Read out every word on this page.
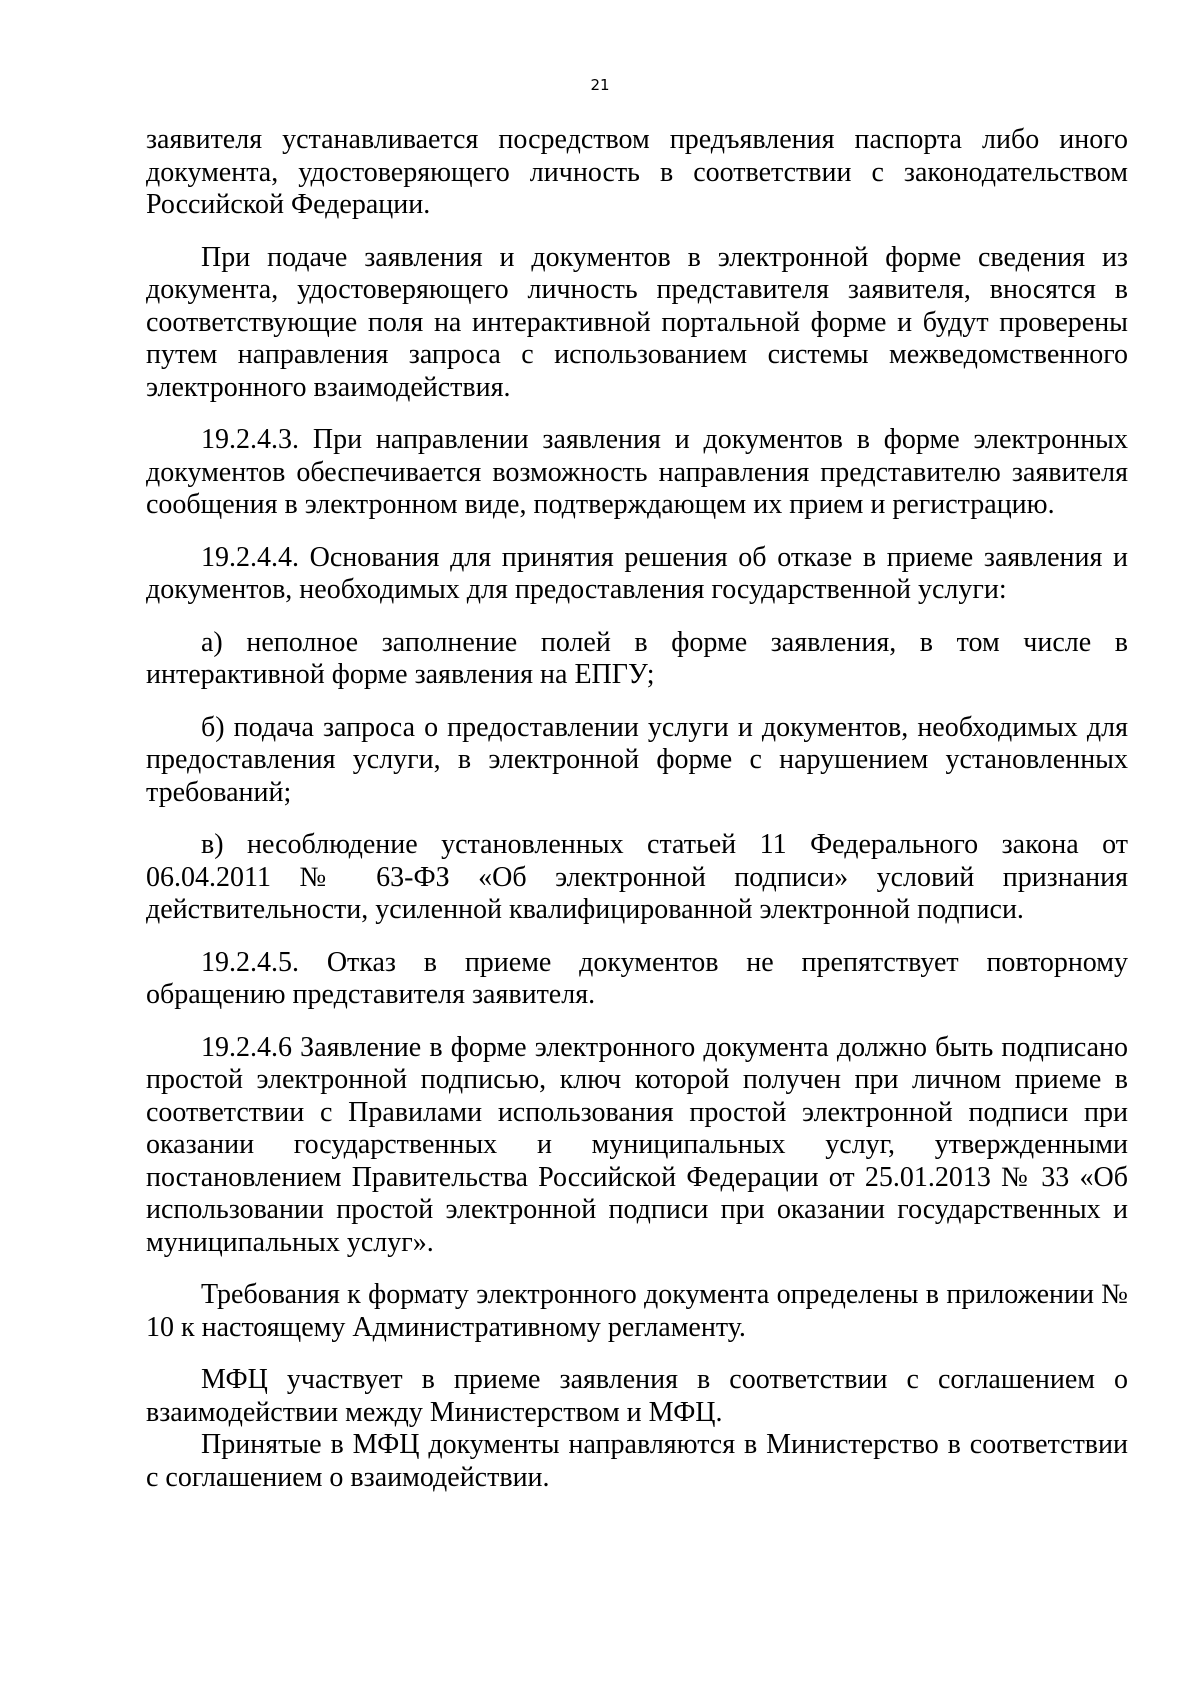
21

заявителя устанавливается посредством предъявления паспорта либо иного документа, удостоверяющего личность в соответствии с законодательством Российской Федерации.

При подаче заявления и документов в электронной форме сведения из документа, удостоверяющего личность представителя заявителя, вносятся в соответствующие поля на интерактивной портальной форме и будут проверены путем направления запроса с использованием системы межведомственного электронного взаимодействия.

19.2.4.3. При направлении заявления и документов в форме электронных документов обеспечивается возможность направления представителю заявителя сообщения в электронном виде, подтверждающем их прием и регистрацию.

19.2.4.4. Основания для принятия решения об отказе в приеме заявления и документов, необходимых для предоставления государственной услуги:

а) неполное заполнение полей в форме заявления, в том числе в интерактивной форме заявления на ЕПГУ;

б) подача запроса о предоставлении услуги и документов, необходимых для предоставления услуги, в электронной форме с нарушением установленных требований;

в) несоблюдение установленных статьей 11 Федерального закона от 06.04.2011 № 63-ФЗ «Об электронной подписи» условий признания действительности, усиленной квалифицированной электронной подписи.

19.2.4.5. Отказ в приеме документов не препятствует повторному обращению представителя заявителя.

19.2.4.6 Заявление в форме электронного документа должно быть подписано простой электронной подписью, ключ которой получен при личном приеме в соответствии с Правилами использования простой электронной подписи при оказании государственных и муниципальных услуг, утвержденными постановлением Правительства Российской Федерации от 25.01.2013 № 33 «Об использовании простой электронной подписи при оказании государственных и муниципальных услуг».

Требования к формату электронного документа определены в приложении № 10 к настоящему Административному регламенту.

МФЦ участвует в приеме заявления в соответствии с соглашением о взаимодействии между Министерством и МФЦ.

Принятые в МФЦ документы направляются в Министерство в соответствии с соглашением о взаимодействии.
